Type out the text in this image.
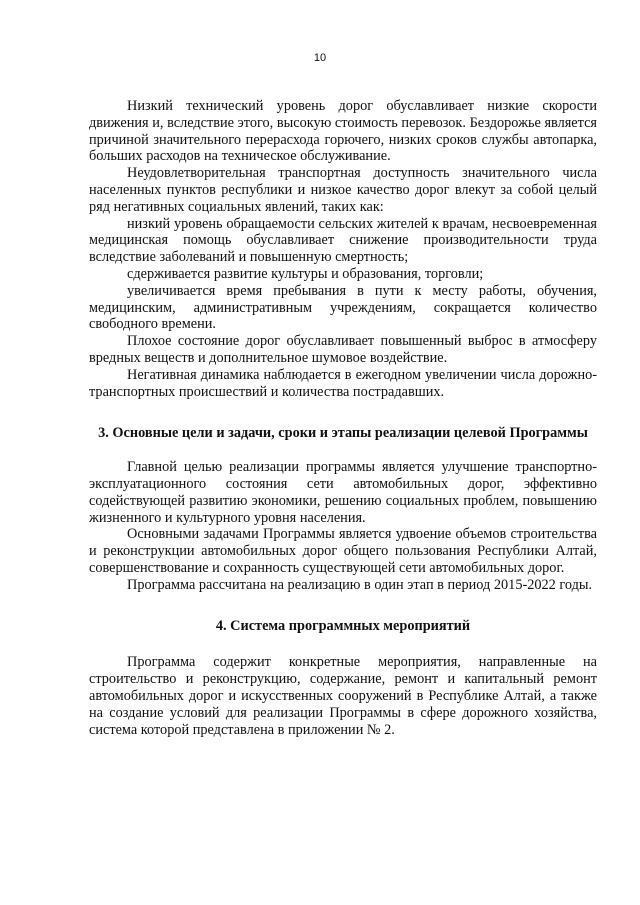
10

Низкий технический уровень дорог обуславливает низкие скорости движения и, вследствие этого, высокую стоимость перевозок. Бездорожье является причиной значительного перерасхода горючего, низких сроков службы автопарка, больших расходов на техническое обслуживание.

Неудовлетворительная транспортная доступность значительного числа населенных пунктов республики и низкое качество дорог влекут за собой целый ряд негативных социальных явлений, таких как:

низкий уровень обращаемости сельских жителей к врачам, несвоевременная медицинская помощь обуславливает снижение производительности труда вследствие заболеваний и повышенную смертность;

сдерживается развитие культуры и образования, торговли;

увеличивается время пребывания в пути к месту работы, обучения, медицинским, административным учреждениям, сокращается количество свободного времени.

Плохое состояние дорог обуславливает повышенный выброс в атмосферу вредных веществ и дополнительное шумовое воздействие.

Негативная динамика наблюдается в ежегодном увеличении числа дорожно-транспортных происшествий и количества пострадавших.

3. Основные цели и задачи, сроки и этапы реализации целевой Программы

Главной целью реализации программы является улучшение транспортно-эксплуатационного состояния сети автомобильных дорог, эффективно содействующей развитию экономики, решению социальных проблем, повышению жизненного и культурного уровня населения.

Основными задачами Программы является удвоение объемов строительства и реконструкции автомобильных дорог общего пользования Республики Алтай, совершенствование и сохранность существующей сети автомобильных дорог.

Программа рассчитана на реализацию в один этап в период 2015-2022 годы.

4. Система программных мероприятий

Программа содержит конкретные мероприятия, направленные на строительство и реконструкцию, содержание, ремонт и капитальный ремонт автомобильных дорог и искусственных сооружений в Республике Алтай, а также на создание условий для реализации Программы в сфере дорожного хозяйства, система которой представлена в приложении № 2.
